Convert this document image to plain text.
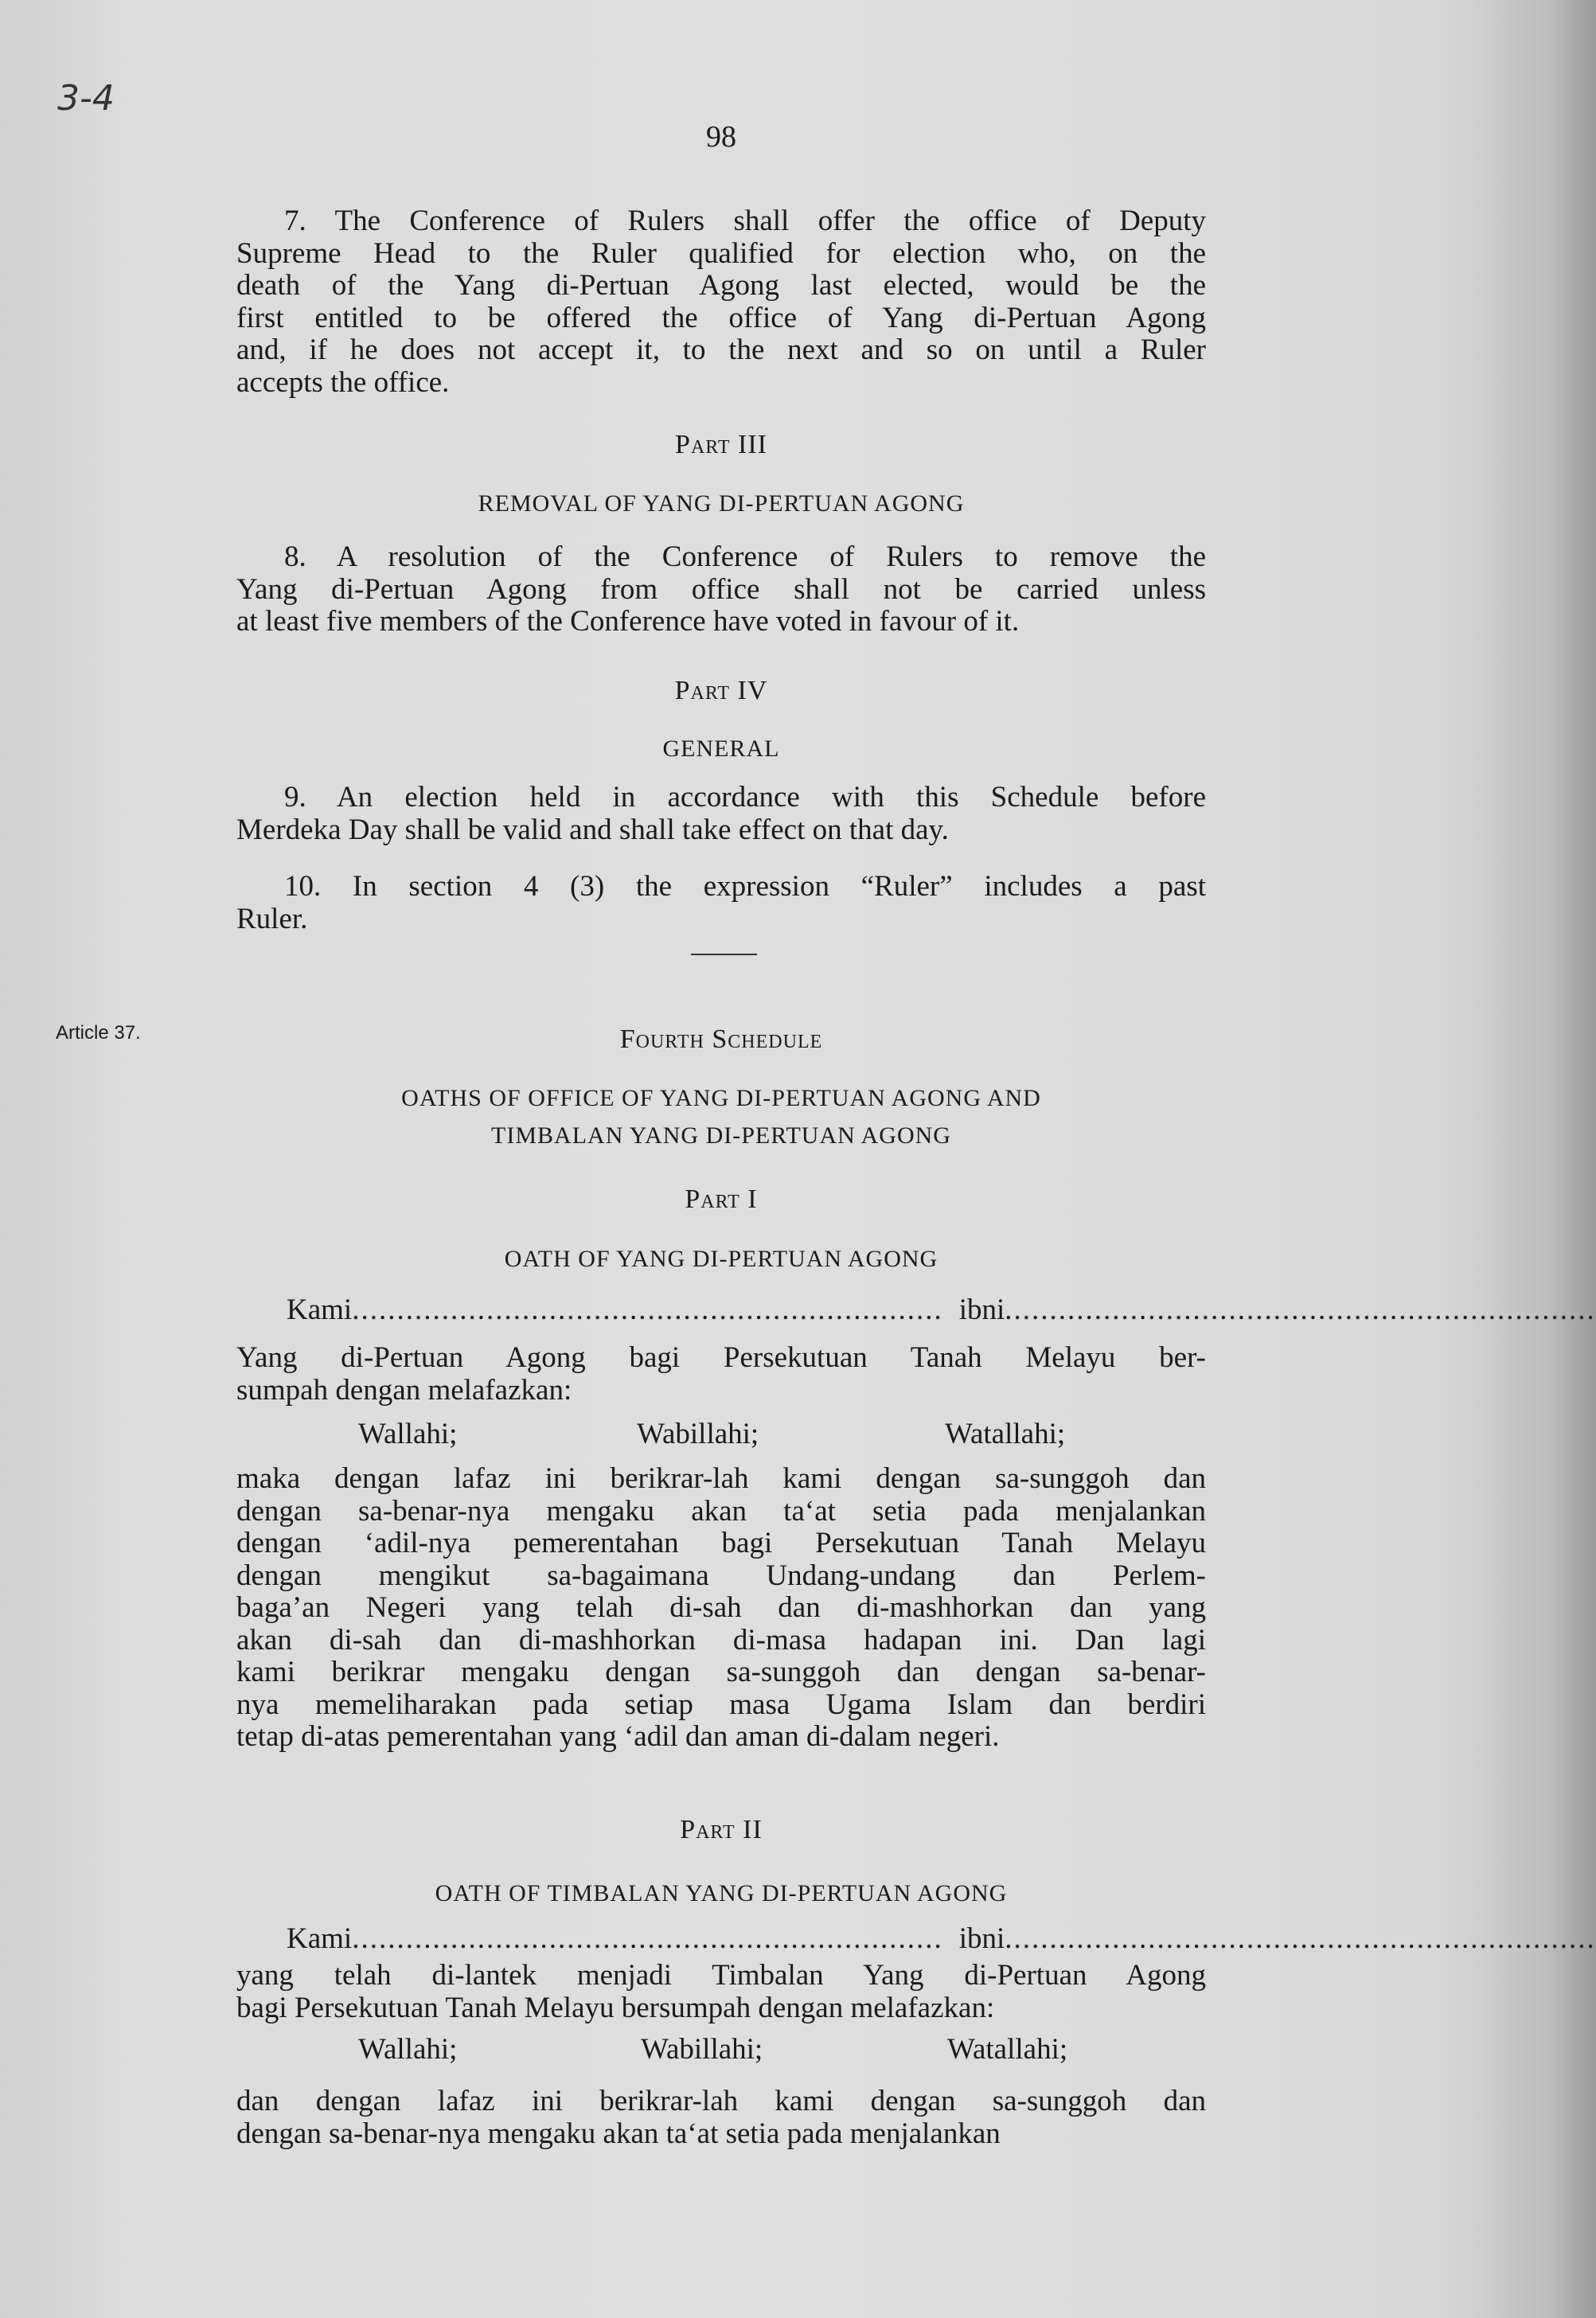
3-4
98
7. The Conference of Rulers shall offer the office of Deputy
Supreme Head to the Ruler qualified for election who, on the
death of the Yang di-Pertuan Agong last elected, would be the
first entitled to be offered the office of Yang di-Pertuan Agong
and, if he does not accept it, to the next and so on until a Ruler
accepts the office.
Part III
REMOVAL OF YANG DI-PERTUAN AGONG
8. A resolution of the Conference of Rulers to remove the
Yang di-Pertuan Agong from office shall not be carried unless
at least five members of the Conference have voted in favour of it.
Part IV
GENERAL
9. An election held in accordance with this Schedule before
Merdeka Day shall be valid and shall take effect on that day.
10. In section 4 (3) the expression “Ruler” includes a past
Ruler.
Article 37.	Fourth Schedule
OATHS OF OFFICE OF YANG DI-PERTUAN AGONG AND
TIMBALAN YANG DI-PERTUAN AGONG
Part I
OATH OF YANG DI-PERTUAN AGONG
Kami .................................................................. ibni ..................................................................
Yang di-Pertuan Agong bagi Persekutuan Tanah Melayu ber-
sumpah dengan melafazkan:
Wallahi;	Wabillahi;	Watallahi;
maka dengan lafaz ini berikrar-lah kami dengan sa-sunggoh dan
dengan sa-benar-nya mengaku akan ta‘at setia pada menjalankan
dengan ‘adil-nya pemerentahan bagi Persekutuan Tanah Melayu
dengan mengikut sa-bagaimana Undang-undang dan Perlem-
baga’an Negeri yang telah di-sah dan di-mashhorkan dan yang
akan di-sah dan di-mashhorkan di-masa hadapan ini. Dan lagi
kami berikrar mengaku dengan sa-sunggoh dan dengan sa-benar-
nya memeliharakan pada setiap masa Ugama Islam dan berdiri
tetap di-atas pemerentahan yang ‘adil dan aman di-dalam negeri.
Part II
OATH OF TIMBALAN YANG DI-PERTUAN AGONG
Kami .................................................................. ibni ..................................................................
yang telah di-lantek menjadi Timbalan Yang di-Pertuan Agong
bagi Persekutuan Tanah Melayu bersumpah dengan melafazkan:
Wallahi;	Wabillahi;	Watallahi;
dan dengan lafaz ini berikrar-lah kami dengan sa-sunggoh dan
dengan sa-benar-nya mengaku akan ta‘at setia pada menjalankan
